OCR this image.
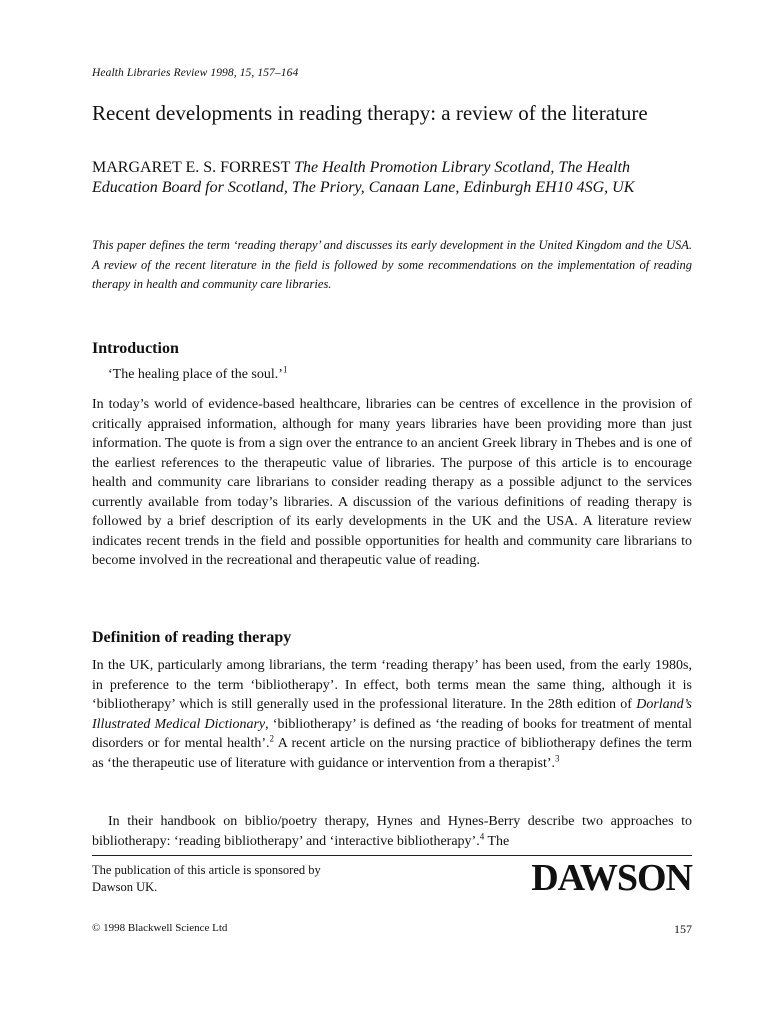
Health Libraries Review 1998, 15, 157–164
Recent developments in reading therapy: a review of the literature
MARGARET E. S. FORREST The Health Promotion Library Scotland, The Health Education Board for Scotland, The Priory, Canaan Lane, Edinburgh EH10 4SG, UK
This paper defines the term ‘reading therapy’ and discusses its early development in the United Kingdom and the USA. A review of the recent literature in the field is followed by some recommendations on the implementation of reading therapy in health and community care libraries.
Introduction
‘The healing place of the soul.’$^1$

In today’s world of evidence-based healthcare, libraries can be centres of excellence in the provision of critically appraised information, although for many years libraries have been providing more than just information. The quote is from a sign over the entrance to an ancient Greek library in Thebes and is one of the earliest references to the therapeutic value of libraries. The purpose of this article is to encourage health and community care librarians to consider reading therapy as a possible adjunct to the services currently available from today’s libraries. A discussion of the various definitions of reading therapy is followed by a brief description of its early developments in the UK and the USA. A literature review indicates recent trends in the field and possible opportunities for health and community care librarians to become involved in the recreational and therapeutic value of reading.

Definition of reading therapy

In the UK, particularly among librarians, the term ‘reading therapy’ has been used, from the early 1980s, in preference to the term ‘bibliotherapy’. In effect, both terms mean the same thing, although it is ‘bibliotherapy’ which is still generally used in the professional literature. In the 28th edition of Dorland’s Illustrated Medical Dictionary, ‘bibliotherapy’ is defined as ‘the reading of books for treatment of mental disorders or for mental health’.$^2$ A recent article on the nursing practice of bibliotherapy defines the term as ‘the therapeutic use of literature with guidance or intervention from a therapist’.$^3$

In their handbook on biblio/poetry therapy, Hynes and Hynes-Berry describe two approaches to bibliotherapy: ‘reading bibliotherapy’ and ‘interactive bibliotherapy’.$^4$ The

The publication of this article is sponsored by Dawson UK.	DAWSON
© 1998 Blackwell Science Ltd	157
